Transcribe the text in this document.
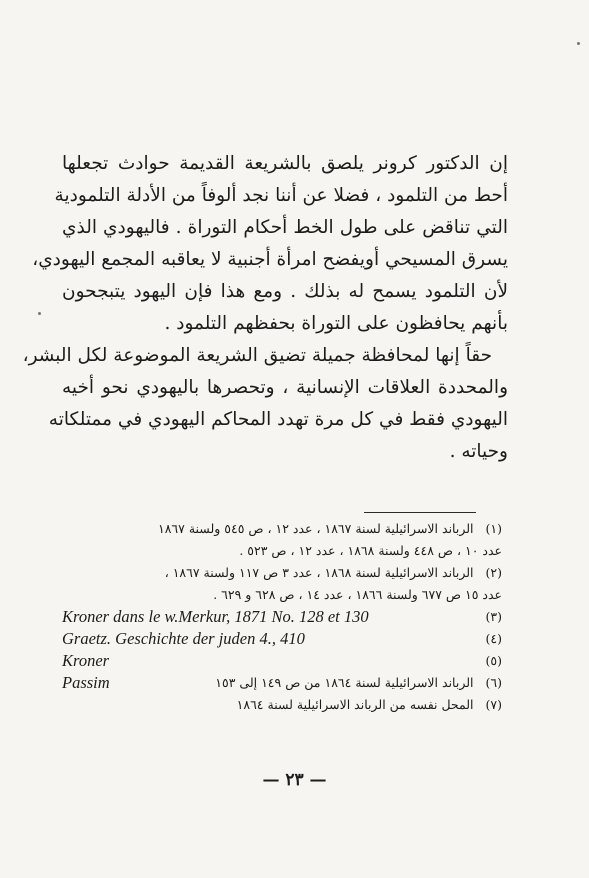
إن الدكتور كرونر يلصق بالشريعة القديمة حوادث تجعلها
أحط من التلمود ، فضلا عن أننا نجد ألوفاً من الأدلة التلمودية
التي تناقض على طول الخط أحكام التوراة . فاليهودي الذي
يسرق المسيحي أويفضح امرأة أجنبية لا يعاقبه المجمع اليهودي،
لأن التلمود يسمح له بذلك . ومع هذا فإن اليهود يتبجحون
بأنهم يحافظون على التوراة بحفظهم التلمود .
حقاً إنها لمحافظة جميلة تضيق الشريعة الموضوعة لكل البشر،
والمحددة العلاقات الإنسانية ، وتحصرها باليهودي نحو أخيه
اليهودي فقط في كل مرة تهدد المحاكم اليهودي في ممتلكاته
وحياته .
(١) الرباند الاسرائيلية لسنة ١٨٦٧ ، عدد ١٢ ، ص ٥٤٥ ولسنة ١٨٦٧
عدد ١٠ ، ص ٤٤٨ ولسنة ١٨٦٨ ، عدد ١٢ ، ص ٥٢٣ .
(٢) الرباند الاسرائيلية لسنة ١٨٦٨ ، عدد ٣ ص ١١٧ ولسنة ١٨٦٧ ،
عدد ١٥ ص ٦٧٧ ولسنة ١٨٦٦ ، عدد ١٤ ، ص ٦٢٨ و ٦٢٩ .
(٣)
Kroner dans le w.Merkur, 1871 No. 128 et 130
(٤)
Graetz. Geschichte der juden 4., 410
(٥)
Kroner
(٦) الرباند الاسرائيلية لسنة ١٨٦٤ من ص ١٤٩ إلى ١٥٣
Passim
(٧) المحل نفسه من الرباند الاسرائيلية لسنة ١٨٦٤
— ٢٣ —
